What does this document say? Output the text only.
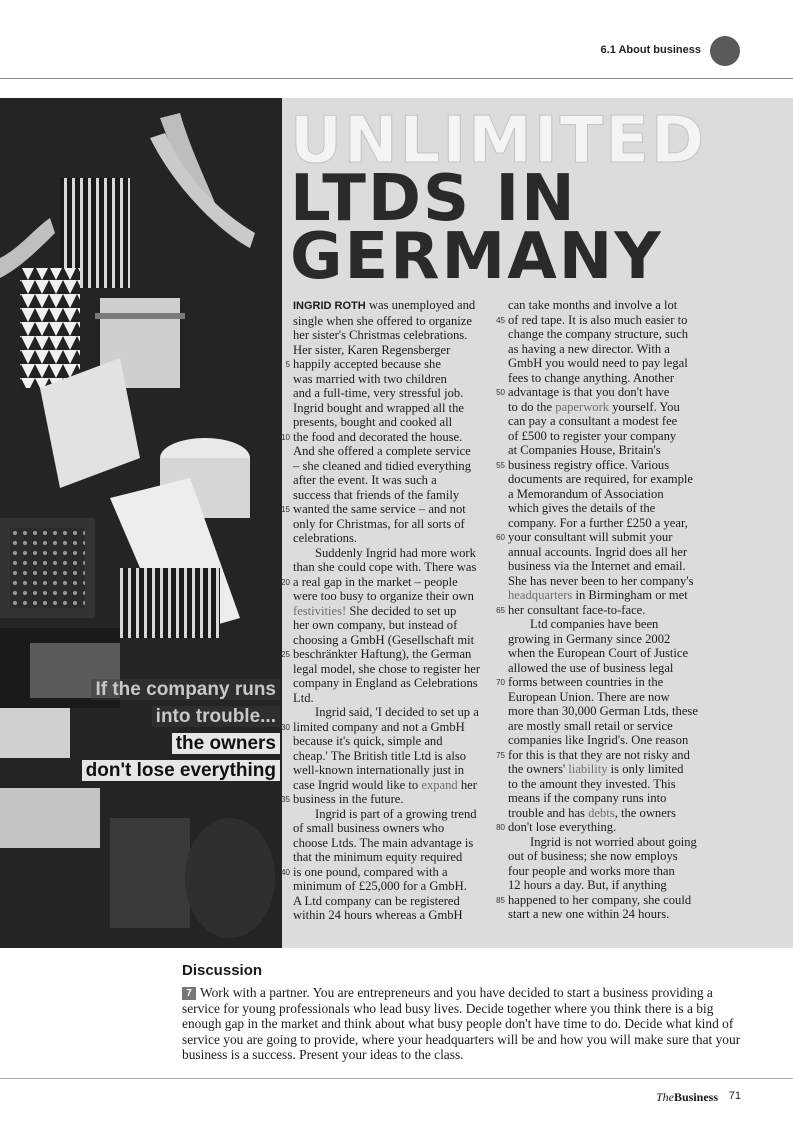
6.1 About business
If the company runs
into trouble...
the owners
don't lose everything
UNLIMITED
LTDS IN
GERMANY
INGRID ROTH was unemployed and
single when she offered to organize
her sister's Christmas celebrations.
Her sister, Karen Regensberger
5 happily accepted because she
was married with two children
and a full-time, very stressful job.
Ingrid bought and wrapped all the
presents, bought and cooked all
10 the food and decorated the house.
And she offered a complete service
– she cleaned and tidied everything
after the event. It was such a
success that friends of the family
15 wanted the same service – and not
only for Christmas, for all sorts of
celebrations.
Suddenly Ingrid had more work
than she could cope with. There was
20 a real gap in the market – people
were too busy to organize their own
festivities! She decided to set up
her own company, but instead of
choosing a GmbH (Gesellschaft mit
25 beschränkter Haftung), the German
legal model, she chose to register her
company in England as Celebrations
Ltd.
Ingrid said, 'I decided to set up a
30 limited company and not a GmbH
because it's quick, simple and
cheap.' The British title Ltd is also
well-known internationally just in
case Ingrid would like to expand her
35 business in the future.
Ingrid is part of a growing trend
of small business owners who
choose Ltds. The main advantage is
that the minimum equity required
40 is one pound, compared with a
minimum of £25,000 for a GmbH.
A Ltd company can be registered
within 24 hours whereas a GmbH
can take months and involve a lot
45 of red tape. It is also much easier to
change the company structure, such
as having a new director. With a
GmbH you would need to pay legal
fees to change anything. Another
50 advantage is that you don't have
to do the paperwork yourself. You
can pay a consultant a modest fee
of £500 to register your company
at Companies House, Britain's
55 business registry office. Various
documents are required, for example
a Memorandum of Association
which gives the details of the
company. For a further £250 a year,
60 your consultant will submit your
annual accounts. Ingrid does all her
business via the Internet and email.
She has never been to her company's
headquarters in Birmingham or met
65 her consultant face-to-face.
Ltd companies have been
growing in Germany since 2002
when the European Court of Justice
allowed the use of business legal
70 forms between countries in the
European Union. There are now
more than 30,000 German Ltds, these
are mostly small retail or service
companies like Ingrid's. One reason
75 for this is that they are not risky and
the owners' liability is only limited
to the amount they invested. This
means if the company runs into
trouble and has debts, the owners
80 don't lose everything.
Ingrid is not worried about going
out of business; she now employs
four people and works more than
12 hours a day. But, if anything
85 happened to her company, she could
start a new one within 24 hours.
Discussion
7 Work with a partner. You are entrepreneurs and you have decided to start a business providing a service for young professionals who lead busy lives. Decide together where you think there is a big enough gap in the market and think about what busy people don't have time to do. Decide what kind of service you are going to provide, where your headquarters will be and how you will make sure that your business is a success. Present your ideas to the class.
TheBusiness 71
